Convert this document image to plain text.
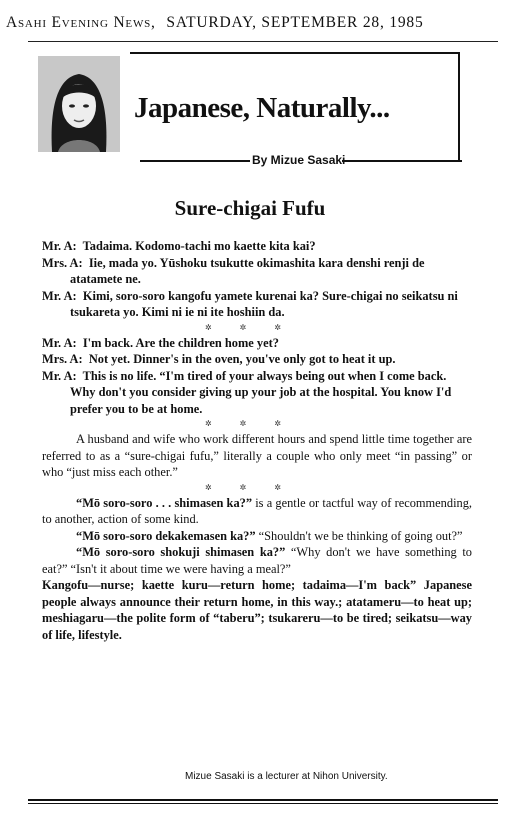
Asahi Evening News, SATURDAY, SEPTEMBER 28, 1985
Japanese, Naturally...
By Mizue Sasaki
Sure-chigai Fufu

Mr. A: Tadaima. Kodomo-tachi mo kaette kita kai?

Mrs. A: Iie, mada yo. Yūshoku tsukutte okimashita kara denshi renji de atatamete ne.

Mr. A: Kimi, soro-soro kangofu yamete kurenai ka? Sure-chigai no seikatsu ni tsukareta yo. Kimi ni ie ni ite hoshiin da.

✲✲✲

Mr. A: I'm back. Are the children home yet?

Mrs. A: Not yet. Dinner's in the oven, you've only got to heat it up.

Mr. A: This is no life. “I'm tired of your always being out when I come back. Why don't you consider giving up your job at the hospital. You know I'd prefer you to be at home.

✲✲✲

A husband and wife who work different hours and spend little time together are referred to as a “sure-chigai fufu,” literally a couple who only meet “in passing” or who “just miss each other.”

✲✲✲

“Mō soro-soro . . . shimasen ka?” is a gentle or tactful way of recommending, to another, action of some kind.

“Mō soro-soro dekakemasen ka?” “Shouldn't we be thinking of going out?”

“Mō soro-soro shokuji shimasen ka?” “Why don't we have something to eat?” “Isn't it about time we were having a meal?”

Kangofu—nurse; kaette kuru—return home; tadaima—I'm back” Japanese people always announce their return home, in this way.; atatameru—to heat up; meshiagaru—the polite form of “taberu”; tsukareru—to be tired; seikatsu—way of life, lifestyle.

Mizue Sasaki is a lecturer at Nihon University.
